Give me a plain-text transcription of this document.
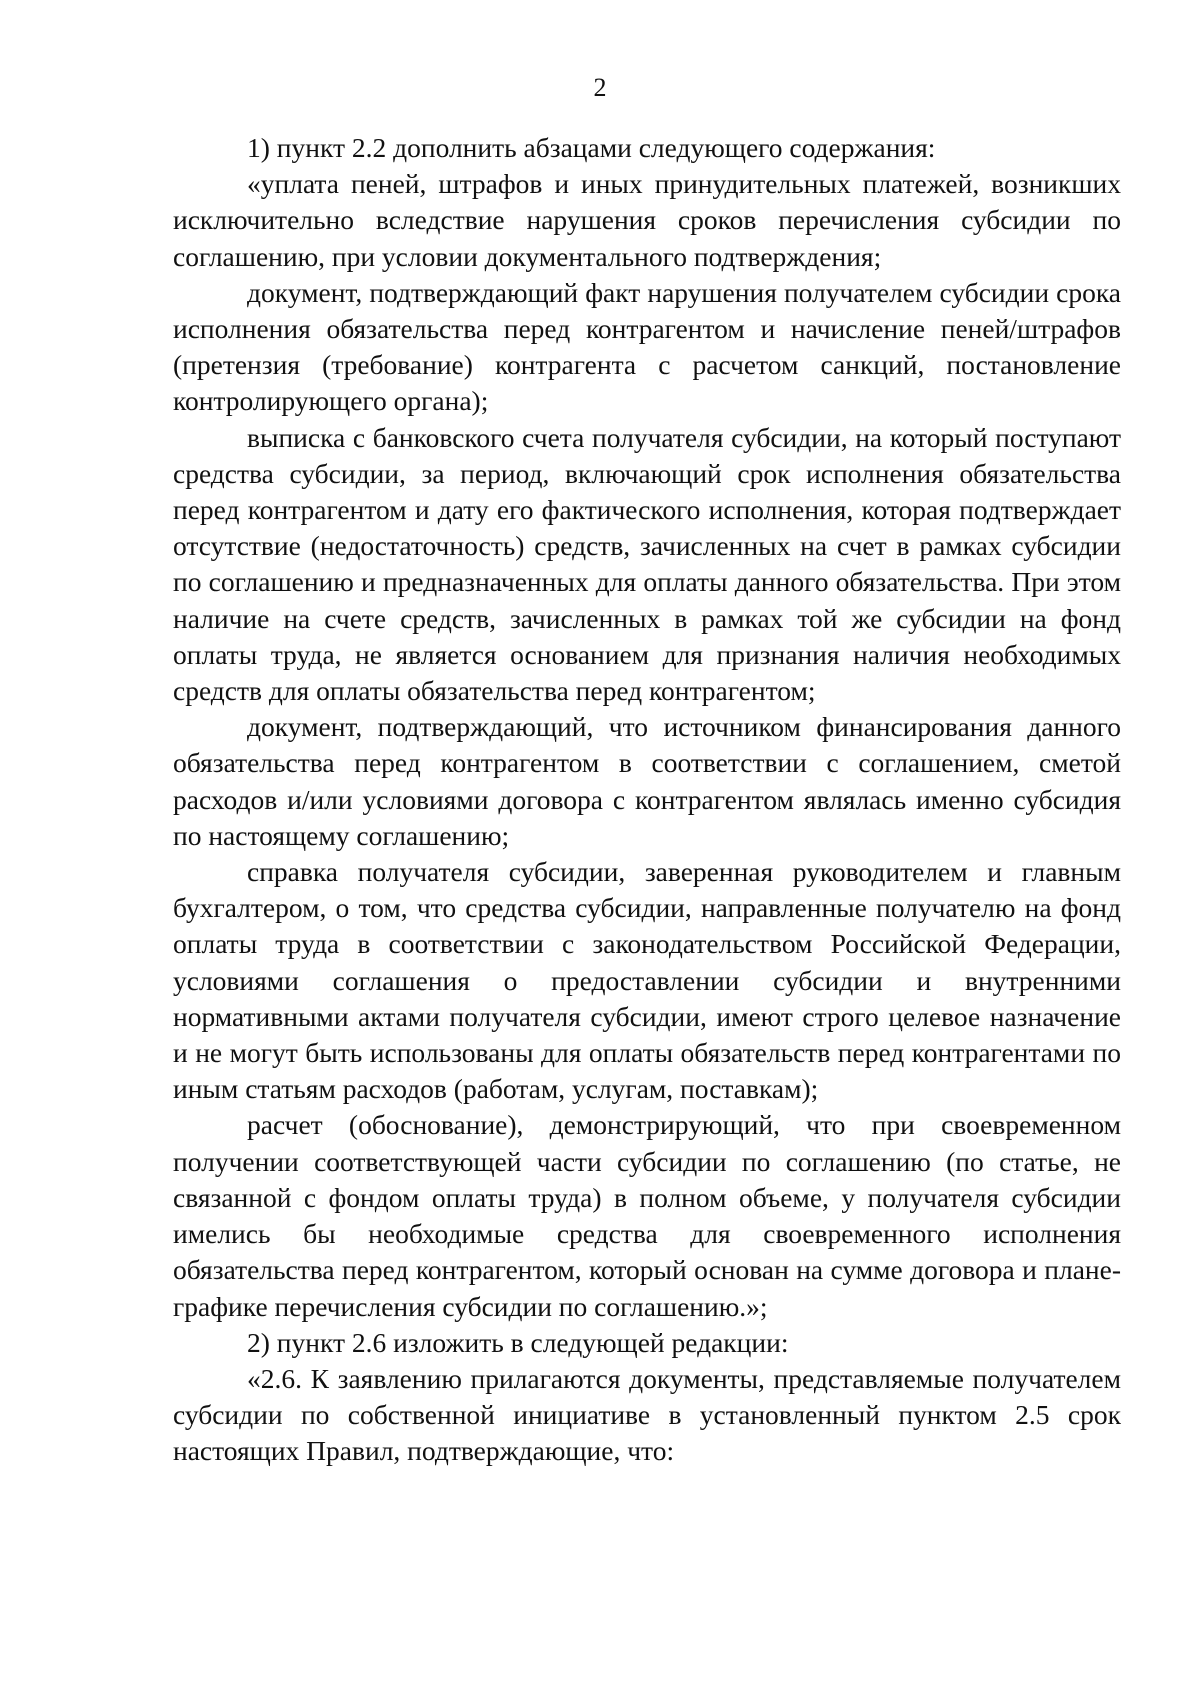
2

1) пункт 2.2 дополнить абзацами следующего содержания:

«уплата пеней, штрафов и иных принудительных платежей, возникших исключительно вследствие нарушения сроков перечисления субсидии по соглашению, при условии документального подтверждения;

документ, подтверждающий факт нарушения получателем субсидии срока исполнения обязательства перед контрагентом и начисление пеней/штрафов (претензия (требование) контрагента с расчетом санкций, постановление контролирующего органа);

выписка с банковского счета получателя субсидии, на который поступают средства субсидии, за период, включающий срок исполнения обязательства перед контрагентом и дату его фактического исполнения, которая подтверждает отсутствие (недостаточность) средств, зачисленных на счет в рамках субсидии по соглашению и предназначенных для оплаты данного обязательства. При этом наличие на счете средств, зачисленных в рамках той же субсидии на фонд оплаты труда, не является основанием для признания наличия необходимых средств для оплаты обязательства перед контрагентом;

документ, подтверждающий, что источником финансирования данного обязательства перед контрагентом в соответствии с соглашением, сметой расходов и/или условиями договора с контрагентом являлась именно субсидия по настоящему соглашению;

справка получателя субсидии, заверенная руководителем и главным бухгалтером, о том, что средства субсидии, направленные получателю на фонд оплаты труда в соответствии с законодательством Российской Федерации, условиями соглашения о предоставлении субсидии и внутренними нормативными актами получателя субсидии, имеют строго целевое назначение и не могут быть использованы для оплаты обязательств перед контрагентами по иным статьям расходов (работам, услугам, поставкам);

расчет (обоснование), демонстрирующий, что при своевременном получении соответствующей части субсидии по соглашению (по статье, не связанной с фондом оплаты труда) в полном объеме, у получателя субсидии имелись бы необходимые средства для своевременного исполнения обязательства перед контрагентом, который основан на сумме договора и плане-графике перечисления субсидии по соглашению.»;

2) пункт 2.6 изложить в следующей редакции:

«2.6. К заявлению прилагаются документы, представляемые получателем субсидии по собственной инициативе в установленный пунктом 2.5 срок настоящих Правил, подтверждающие, что:
